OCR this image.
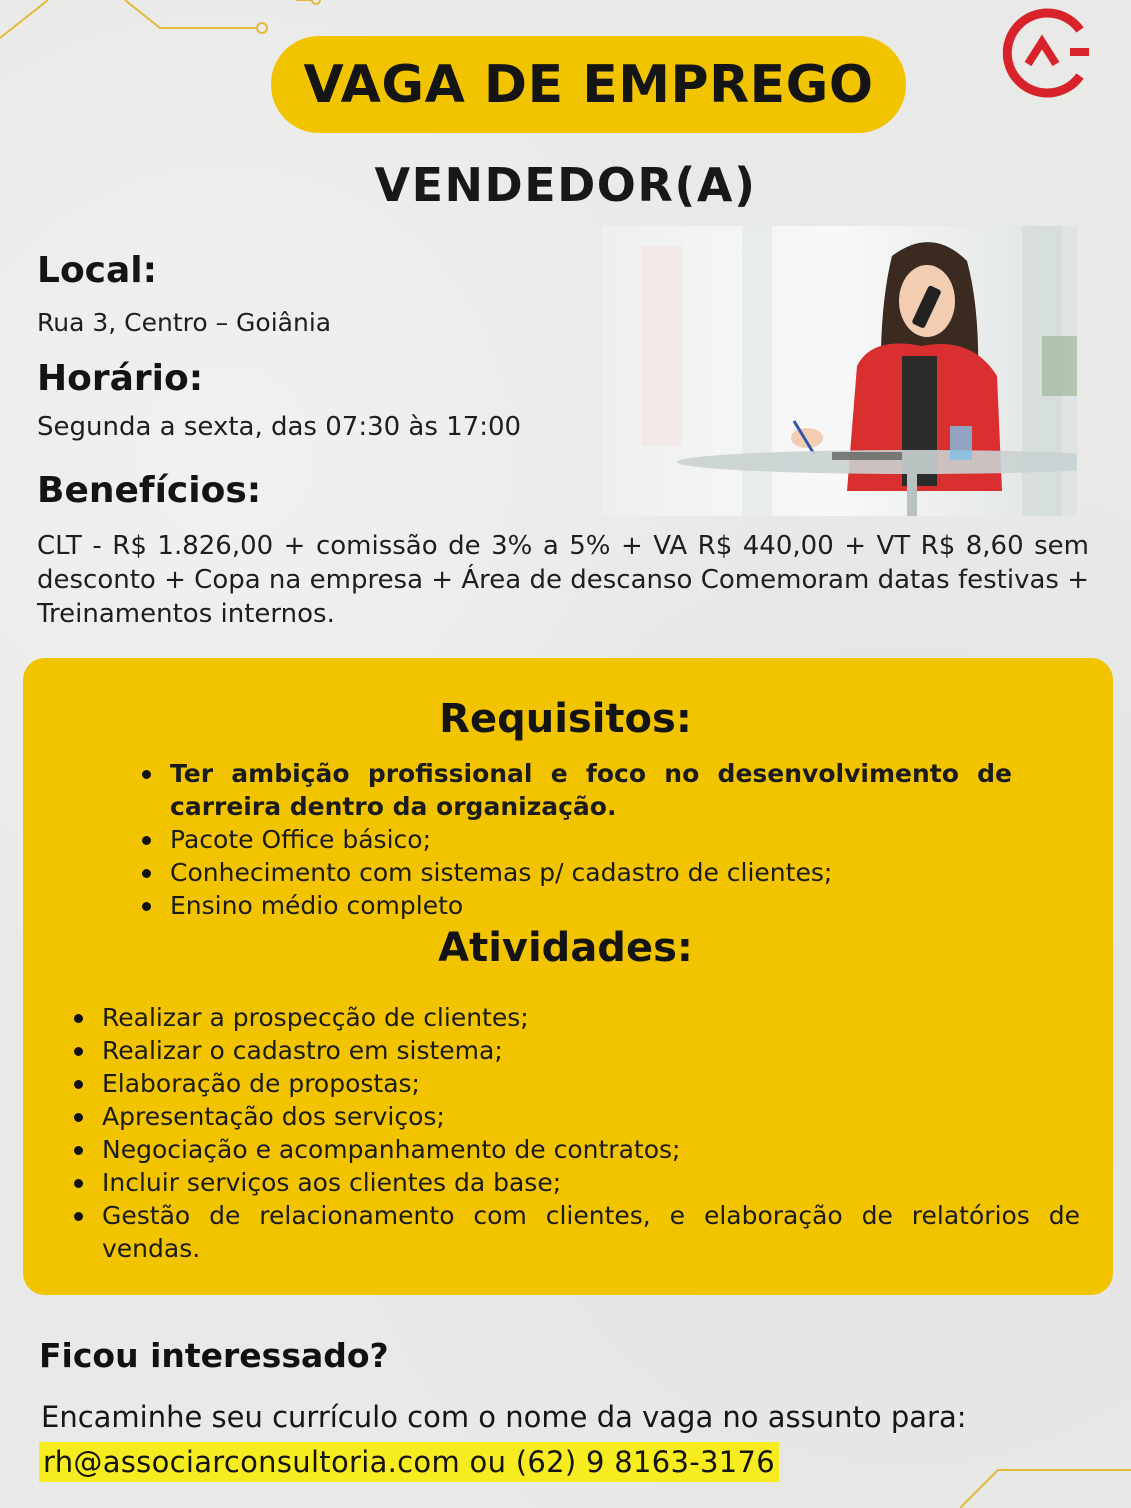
VAGA DE EMPREGO
VENDEDOR(A)
Local:
Rua 3, Centro – Goiânia
Horário:
Segunda a sexta, das 07:30 às 17:00
Benefícios:
CLT - R$ 1.826,00 + comissão de 3% a 5% + VA R$ 440,00 + VT R$ 8,60 sem desconto + Copa na empresa + Área de descanso Comemoram datas festivas + Treinamentos internos.
Requisitos:
Ter ambição profissional e foco no desenvolvimento de carreira dentro da organização.
Pacote Office básico;
Conhecimento com sistemas p/ cadastro de clientes;
Ensino médio completo
Atividades:
Realizar a prospecção de clientes;
Realizar o cadastro em sistema;
Elaboração de propostas;
Apresentação dos serviços;
Negociação e acompanhamento de contratos;
Incluir serviços aos clientes da base;
Gestão de relacionamento com clientes, e elaboração de relatórios de vendas.
Ficou interessado?
Encaminhe seu currículo com o nome da vaga no assunto para:
rh@associarconsultoria.com ou (62) 9 8163-3176
